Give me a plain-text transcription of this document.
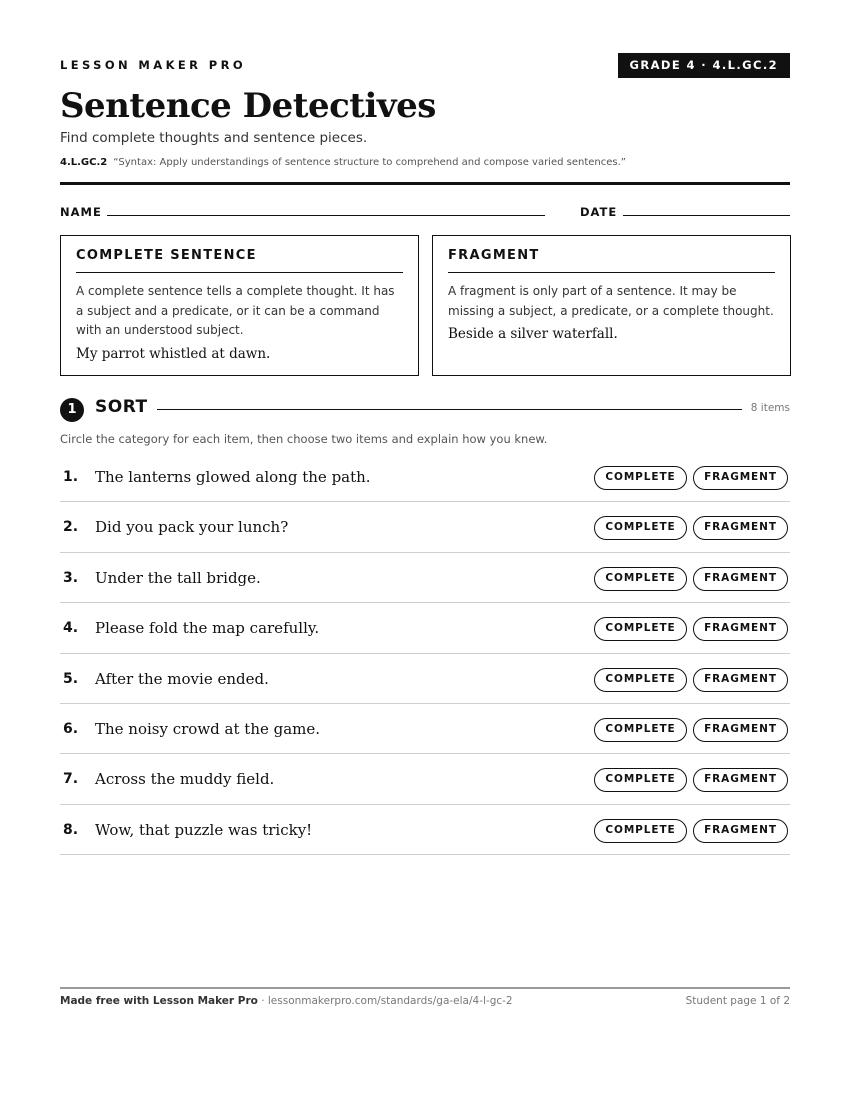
LESSON MAKER PRO	GRADE 4 · 4.L.GC.2
Sentence Detectives
Find complete thoughts and sentence pieces.
4.L.GC.2 “Syntax: Apply understandings of sentence structure to comprehend and compose varied sentences.”
NAME	DATE
COMPLETE SENTENCE

A complete sentence tells a complete thought. It has a subject and a predicate, or it can be a command with an understood subject.

My parrot whistled at dawn.
FRAGMENT

A fragment is only part of a sentence. It may be missing a subject, a predicate, or a complete thought.

Beside a silver waterfall.
1	SORT	8 items
Circle the category for each item, then choose two items and explain how you knew.
1. The lanterns glowed along the path.	COMPLETE	FRAGMENT
2. Did you pack your lunch?	COMPLETE	FRAGMENT
3. Under the tall bridge.	COMPLETE	FRAGMENT
4. Please fold the map carefully.	COMPLETE	FRAGMENT
5. After the movie ended.	COMPLETE	FRAGMENT
6. The noisy crowd at the game.	COMPLETE	FRAGMENT
7. Across the muddy field.	COMPLETE	FRAGMENT
8. Wow, that puzzle was tricky!	COMPLETE	FRAGMENT
Made free with Lesson Maker Pro · lessonmakerpro.com/standards/ga-ela/4-l-gc-2	Student page 1 of 2
